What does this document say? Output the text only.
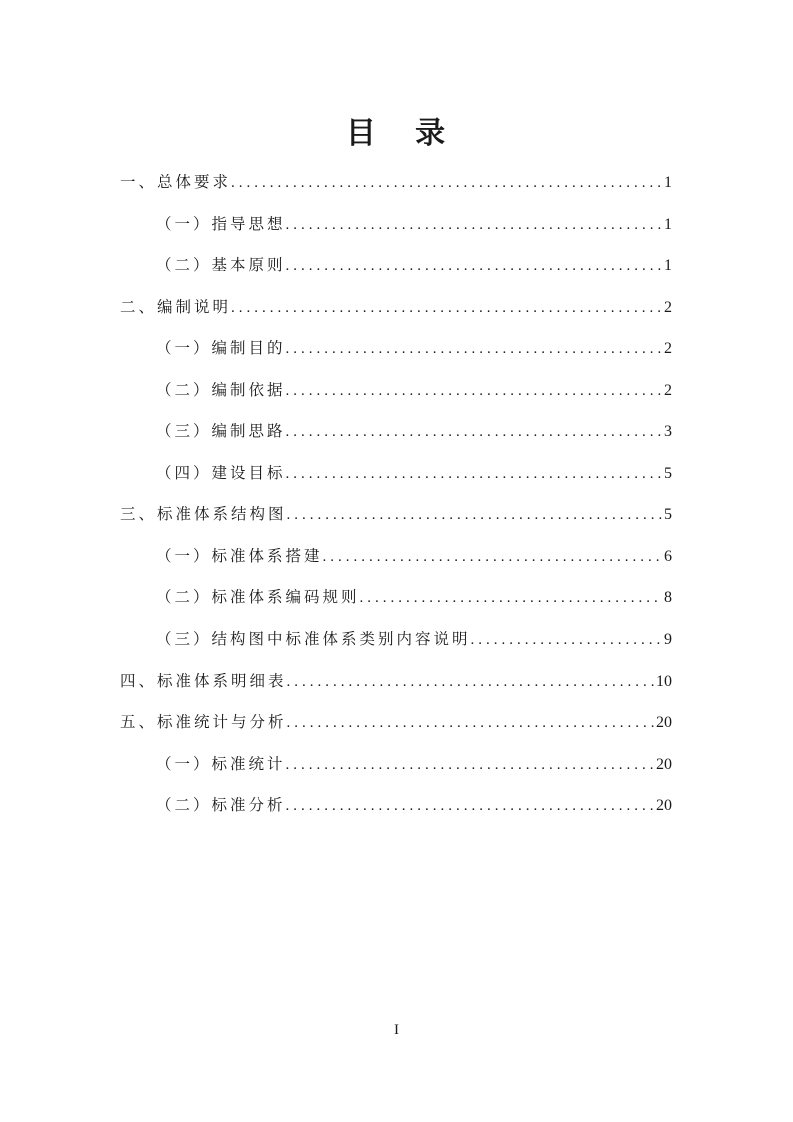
目   录
一、总体要求 .....	1
（一）指导思想 .....	1
（二）基本原则 .....	1
二、编制说明 .....	2
（一）编制目的 .....	2
（二）编制依据 .....	2
（三）编制思路 .....	3
（四）建设目标 .....	5
三、标准体系结构图 .....	5
（一）标准体系搭建 .....	6
（二）标准体系编码规则 .....	8
（三）结构图中标准体系类别内容说明 .....	9
四、标准体系明细表 .....	10
五、标准统计与分析 .....	20
（一）标准统计 .....	20
（二）标准分析 .....	20
I
